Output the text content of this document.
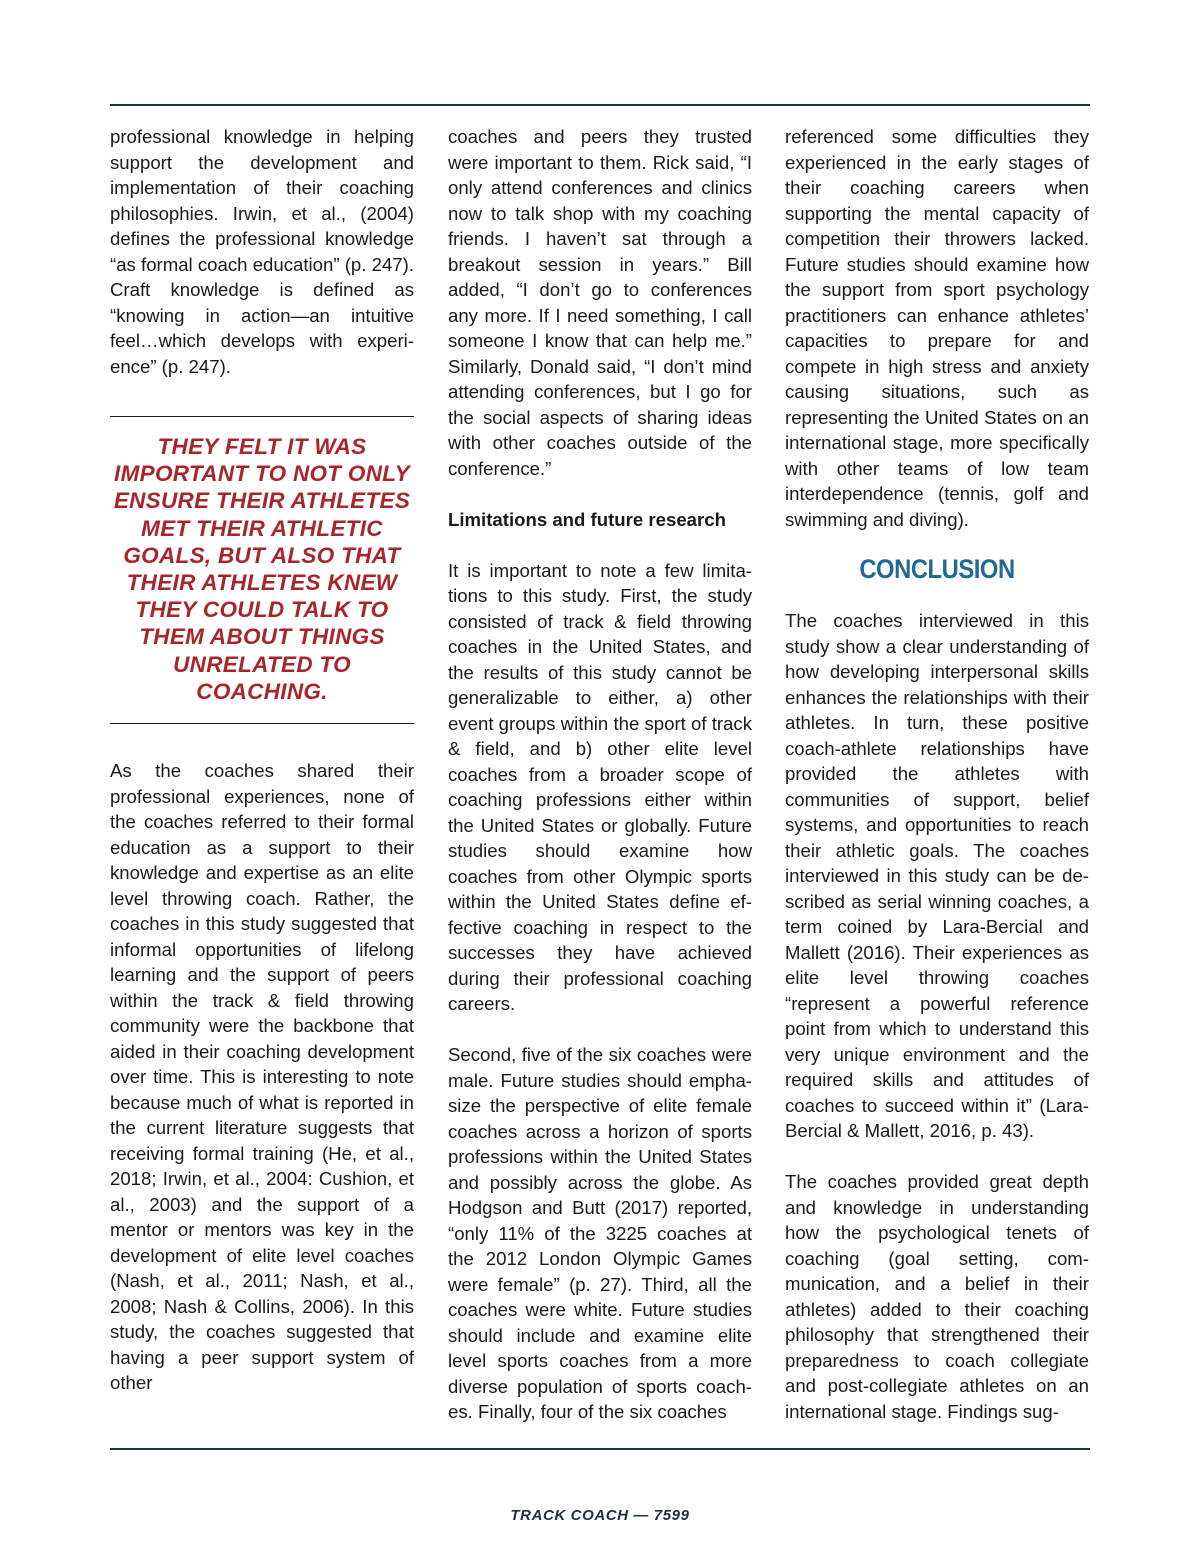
professional knowledge in helping support the development and implementation of their coaching philosophies. Irwin, et al., (2004) defines the professional knowledge “as formal coach education” (p. 247). Craft knowledge is defined as “knowing in action—an intuitive feel…which develops with experience” (p. 247).

THEY FELT IT WAS IMPORTANT TO NOT ONLY ENSURE THEIR ATHLETES MET THEIR ATHLETIC GOALS, BUT ALSO THAT THEIR ATHLETES KNEW THEY COULD TALK TO THEM ABOUT THINGS UNRELATED TO COACHING.

As the coaches shared their professional experiences, none of the coaches referred to their formal education as a support to their knowledge and expertise as an elite level throwing coach. Rather, the coaches in this study suggested that informal opportunities of lifelong learning and the support of peers within the track & field throwing community were the backbone that aided in their coaching development over time. This is interesting to note because much of what is reported in the current literature suggests that receiving formal training (He, et al., 2018; Irwin, et al., 2004: Cushion, et al., 2003) and the support of a mentor or mentors was key in the development of elite level coaches (Nash, et al., 2011; Nash, et al., 2008; Nash & Collins, 2006). In this study, the coaches suggested that having a peer support system of other

coaches and peers they trusted were important to them. Rick said, “I only attend conferences and clinics now to talk shop with my coaching friends. I haven’t sat through a breakout session in years.” Bill added, “I don’t go to conferences any more. If I need something, I call someone I know that can help me.” Similarly, Donald said, “I don’t mind attending conferences, but I go for the social aspects of sharing ideas with other coaches outside of the conference.”

Limitations and future research

It is important to note a few limitations to this study. First, the study consisted of track & field throwing coaches in the United States, and the results of this study cannot be generalizable to either, a) other event groups within the sport of track & field, and b) other elite level coaches from a broader scope of coaching professions either within the United States or globally. Future studies should examine how coaches from other Olympic sports within the United States define effective coaching in respect to the successes they have achieved during their professional coaching careers.

Second, five of the six coaches were male. Future studies should emphasize the perspective of elite female coaches across a horizon of sports professions within the United States and possibly across the globe. As Hodgson and Butt (2017) reported, “only 11% of the 3225 coaches at the 2012 London Olympic Games were female” (p. 27). Third, all the coaches were white. Future studies should include and examine elite level sports coaches from a more diverse population of sports coaches. Finally, four of the six coaches

referenced some difficulties they experienced in the early stages of their coaching careers when supporting the mental capacity of competition their throwers lacked. Future studies should examine how the support from sport psychology practitioners can enhance athletes’ capacities to prepare for and compete in high stress and anxiety causing situations, such as representing the United States on an international stage, more specifically with other teams of low team interdependence (tennis, golf and swimming and diving).

CONCLUSION

The coaches interviewed in this study show a clear understanding of how developing interpersonal skills enhances the relationships with their athletes. In turn, these positive coach-athlete relationships have provided the athletes with communities of support, belief systems, and opportunities to reach their athletic goals. The coaches interviewed in this study can be described as serial winning coaches, a term coined by Lara-Bercial and Mallett (2016). Their experiences as elite level throwing coaches “represent a powerful reference point from which to understand this very unique environment and the required skills and attitudes of coaches to succeed within it” (Lara-Bercial & Mallett, 2016, p. 43).

The coaches provided great depth and knowledge in understanding how the psychological tenets of coaching (goal setting, communication, and a belief in their athletes) added to their coaching philosophy that strengthened their preparedness to coach collegiate and post-collegiate athletes on an international stage. Findings sug-

TRACK COACH — 7599
